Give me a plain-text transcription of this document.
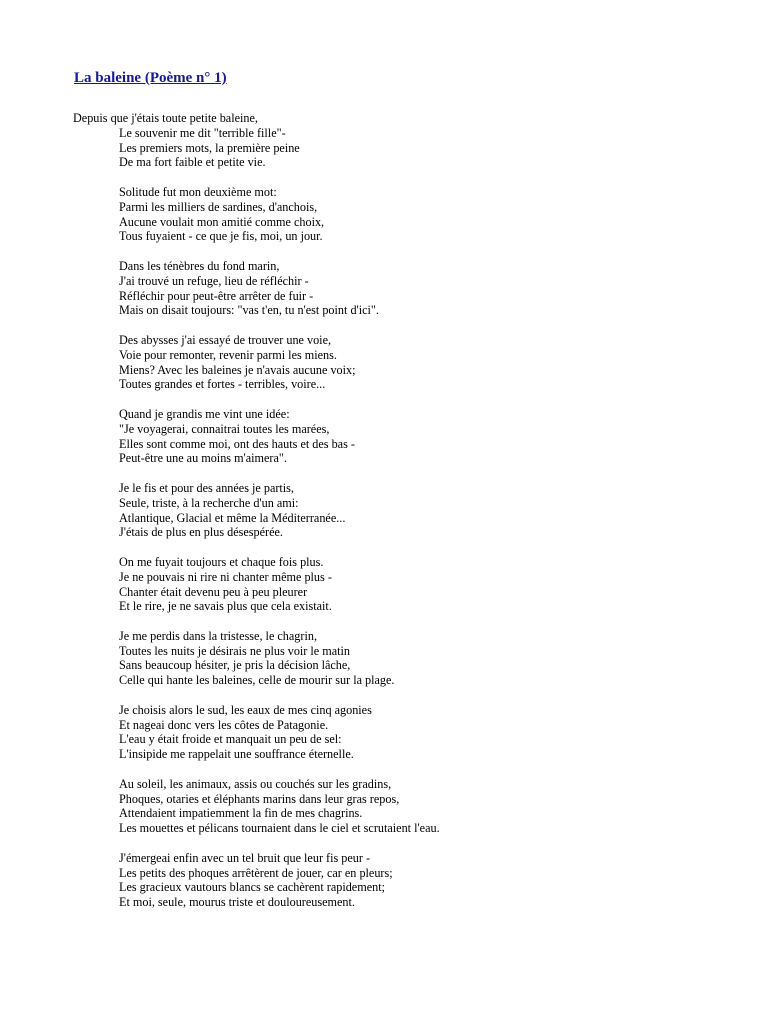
La baleine (Poème n° 1)
Depuis que j'étais toute petite baleine,
Le souvenir me dit "terrible fille"-
Les premiers mots, la première peine
De ma fort faible et petite vie.
Solitude fut mon deuxième mot:
Parmi les milliers de sardines, d'anchois,
Aucune voulait mon amitié comme choix,
Tous fuyaient - ce que je fis, moi, un jour.
Dans les ténèbres du fond marin,
J'ai trouvé un refuge, lieu de réfléchir -
Réfléchir pour peut-être arrêter de fuir -
Mais on disait toujours: "vas t'en, tu n'est point d'ici".
Des abysses j'ai essayé de trouver une voie,
Voie pour remonter, revenir parmi les miens.
Miens? Avec les baleines je n'avais aucune voix;
Toutes grandes et fortes - terribles, voire...
Quand je grandis me vint une idée:
"Je voyagerai, connaitrai toutes les marées,
Elles sont comme moi, ont des hauts et des bas -
Peut-être une au moins m'aimera".
Je le fis et pour des années je partis,
Seule, triste, à la recherche d'un ami:
Atlantique, Glacial et même la Méditerranée...
J'étais de plus en plus désespérée.
On me fuyait toujours et chaque fois plus.
Je ne pouvais ni rire ni chanter même plus -
Chanter était devenu peu à peu pleurer
Et le rire, je ne savais plus que cela existait.
Je me perdis dans la tristesse, le chagrin,
Toutes les nuits je désirais ne plus voir le matin
Sans beaucoup hésiter, je pris la décision lâche,
Celle qui hante les baleines, celle de mourir sur la plage.
Je choisis alors le sud, les eaux de mes cinq agonies
Et nageai donc vers les côtes de Patagonie.
L'eau y était froide et manquait un peu de sel:
L'insipide me rappelait une souffrance éternelle.
Au soleil, les animaux, assis ou couchés sur les gradins,
Phoques, otaries et éléphants marins dans leur gras repos,
Attendaient impatiemment la fin de mes chagrins.
Les mouettes et pélicans tournaient dans le ciel et scrutaient l'eau.
J'émergeai enfin avec un tel bruit que leur fis peur -
Les petits des phoques arrêtèrent de jouer, car en pleurs;
Les gracieux vautours blancs se cachèrent rapidement;
Et moi, seule, mourus triste et douloureusement.
